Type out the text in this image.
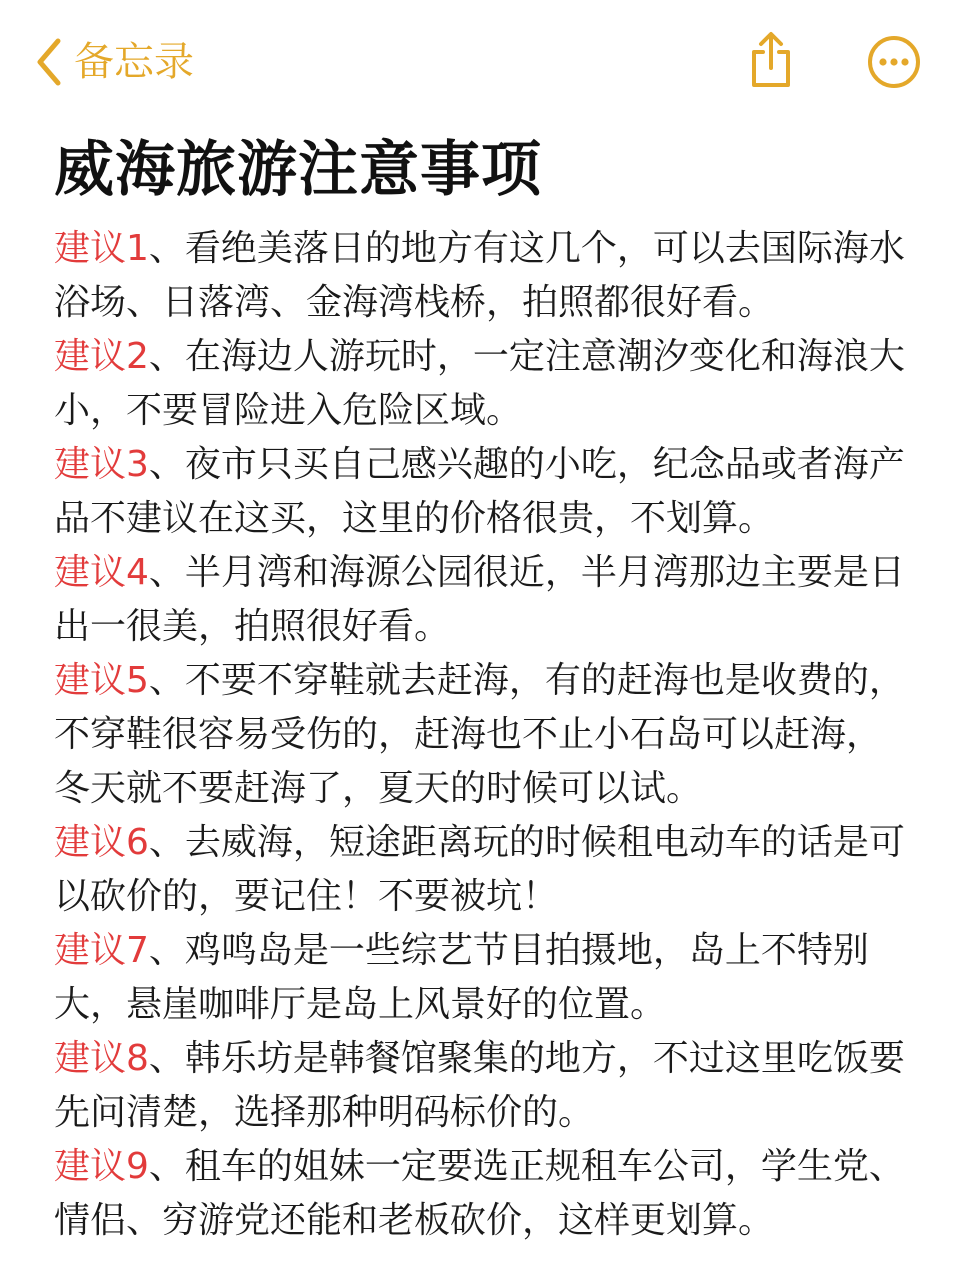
备忘录
威海旅游注意事项

建议1、看绝美落日的地方有这几个，可以去国际海水浴场、日落湾、金海湾栈桥，拍照都很好看。

建议2、在海边人游玩时，一定注意潮汐变化和海浪大小，不要冒险进入危险区域。

建议3、夜市只买自己感兴趣的小吃，纪念品或者海产品不建议在这买，这里的价格很贵，不划算。

建议4、半月湾和海源公园很近，半月湾那边主要是日出一很美，拍照很好看。

建议5、不要不穿鞋就去赶海，有的赶海也是收费的，不穿鞋很容易受伤的，赶海也不止小石岛可以赶海，冬天就不要赶海了，夏天的时候可以试。

建议6、去威海，短途距离玩的时候租电动车的话是可以砍价的，要记住！不要被坑！

建议7、鸡鸣岛是一些综艺节目拍摄地，岛上不特别大，悬崖咖啡厅是岛上风景好的位置。

建议8、韩乐坊是韩餐馆聚集的地方，不过这里吃饭要先问清楚，选择那种明码标价的。

建议9、租车的姐妹一定要选正规租车公司，学生党、情侣、穷游党还能和老板砍价，这样更划算。
